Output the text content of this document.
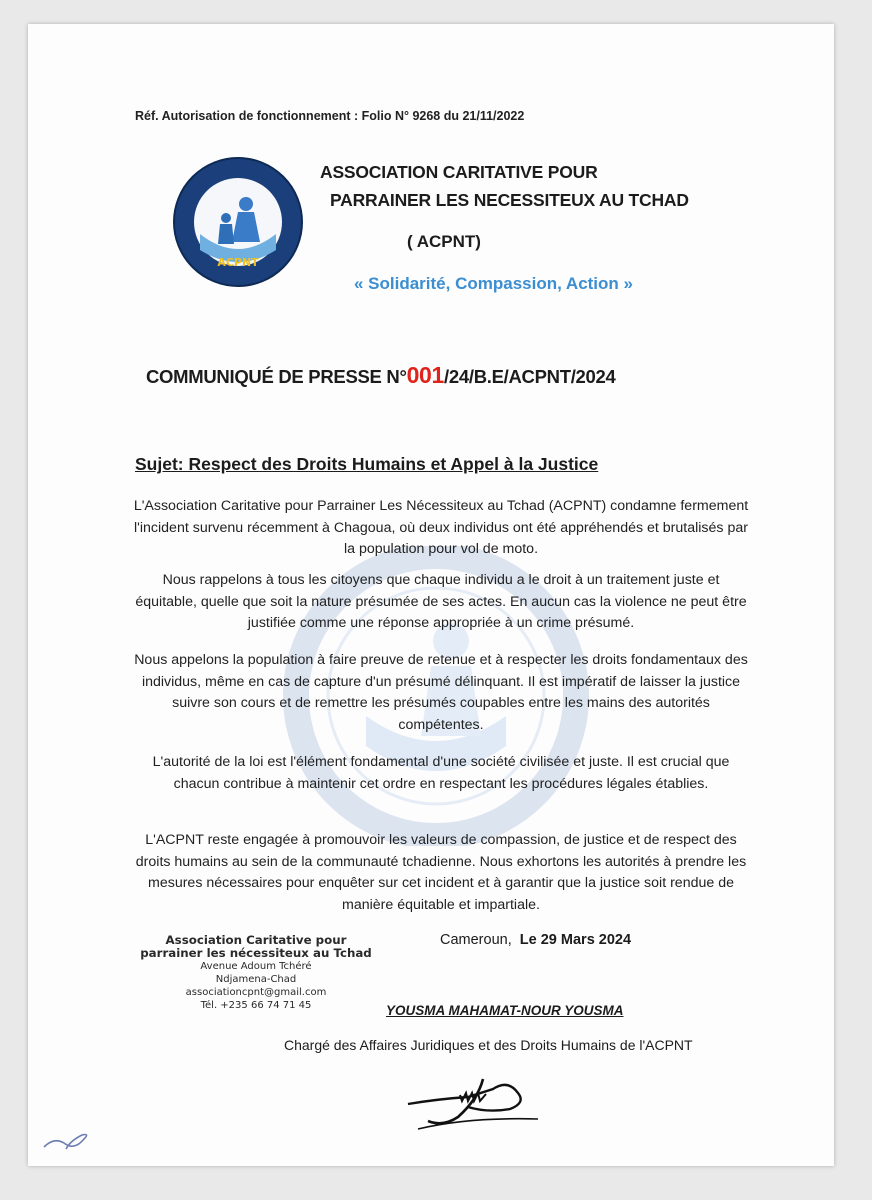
Réf. Autorisation de fonctionnement : Folio N° 9268 du 21/11/2022
ACPNT
ASSOCIATION CARITATIVE POUR
PARRAINER LES NECESSITEUX AU TCHAD
( ACPNT)
« Solidarité, Compassion, Action »
COMMUNIQUÉ DE PRESSE N°001/24/B.E/ACPNT/2024
Sujet: Respect des Droits Humains et Appel à la Justice
L'Association Caritative pour Parrainer Les Nécessiteux au Tchad (ACPNT) condamne fermement l'incident survenu récemment à Chagoua, où deux individus ont été appréhendés et brutalisés par la population pour vol de moto.
Nous rappelons à tous les citoyens que chaque individu a le droit à un traitement juste et équitable, quelle que soit la nature présumée de ses actes. En aucun cas la violence ne peut être justifiée comme une réponse appropriée à un crime présumé.
Nous appelons la population à faire preuve de retenue et à respecter les droits fondamentaux des individus, même en cas de capture d'un présumé délinquant. Il est impératif de laisser la justice suivre son cours et de remettre les présumés coupables entre les mains des autorités compétentes.
L'autorité de la loi est l'élément fondamental d'une société civilisée et juste. Il est crucial que chacun contribue à maintenir cet ordre en respectant les procédures légales établies.
L'ACPNT reste engagée à promouvoir les valeurs de compassion, de justice et de respect des droits humains au sein de la communauté tchadienne. Nous exhortons les autorités à prendre les mesures nécessaires pour enquêter sur cet incident et à garantir que la justice soit rendue de manière équitable et impartiale.
Association Caritative pour
parrainer les nécessiteux au Tchad
Avenue Adoum Tchéré
Ndjamena-Chad
associationcpnt@gmail.com
Tél. +235 66 74 71 45
Cameroun, Le 29 Mars 2024
YOUSMA MAHAMAT-NOUR YOUSMA
Chargé des Affaires Juridiques et des Droits Humains de l'ACPNT
